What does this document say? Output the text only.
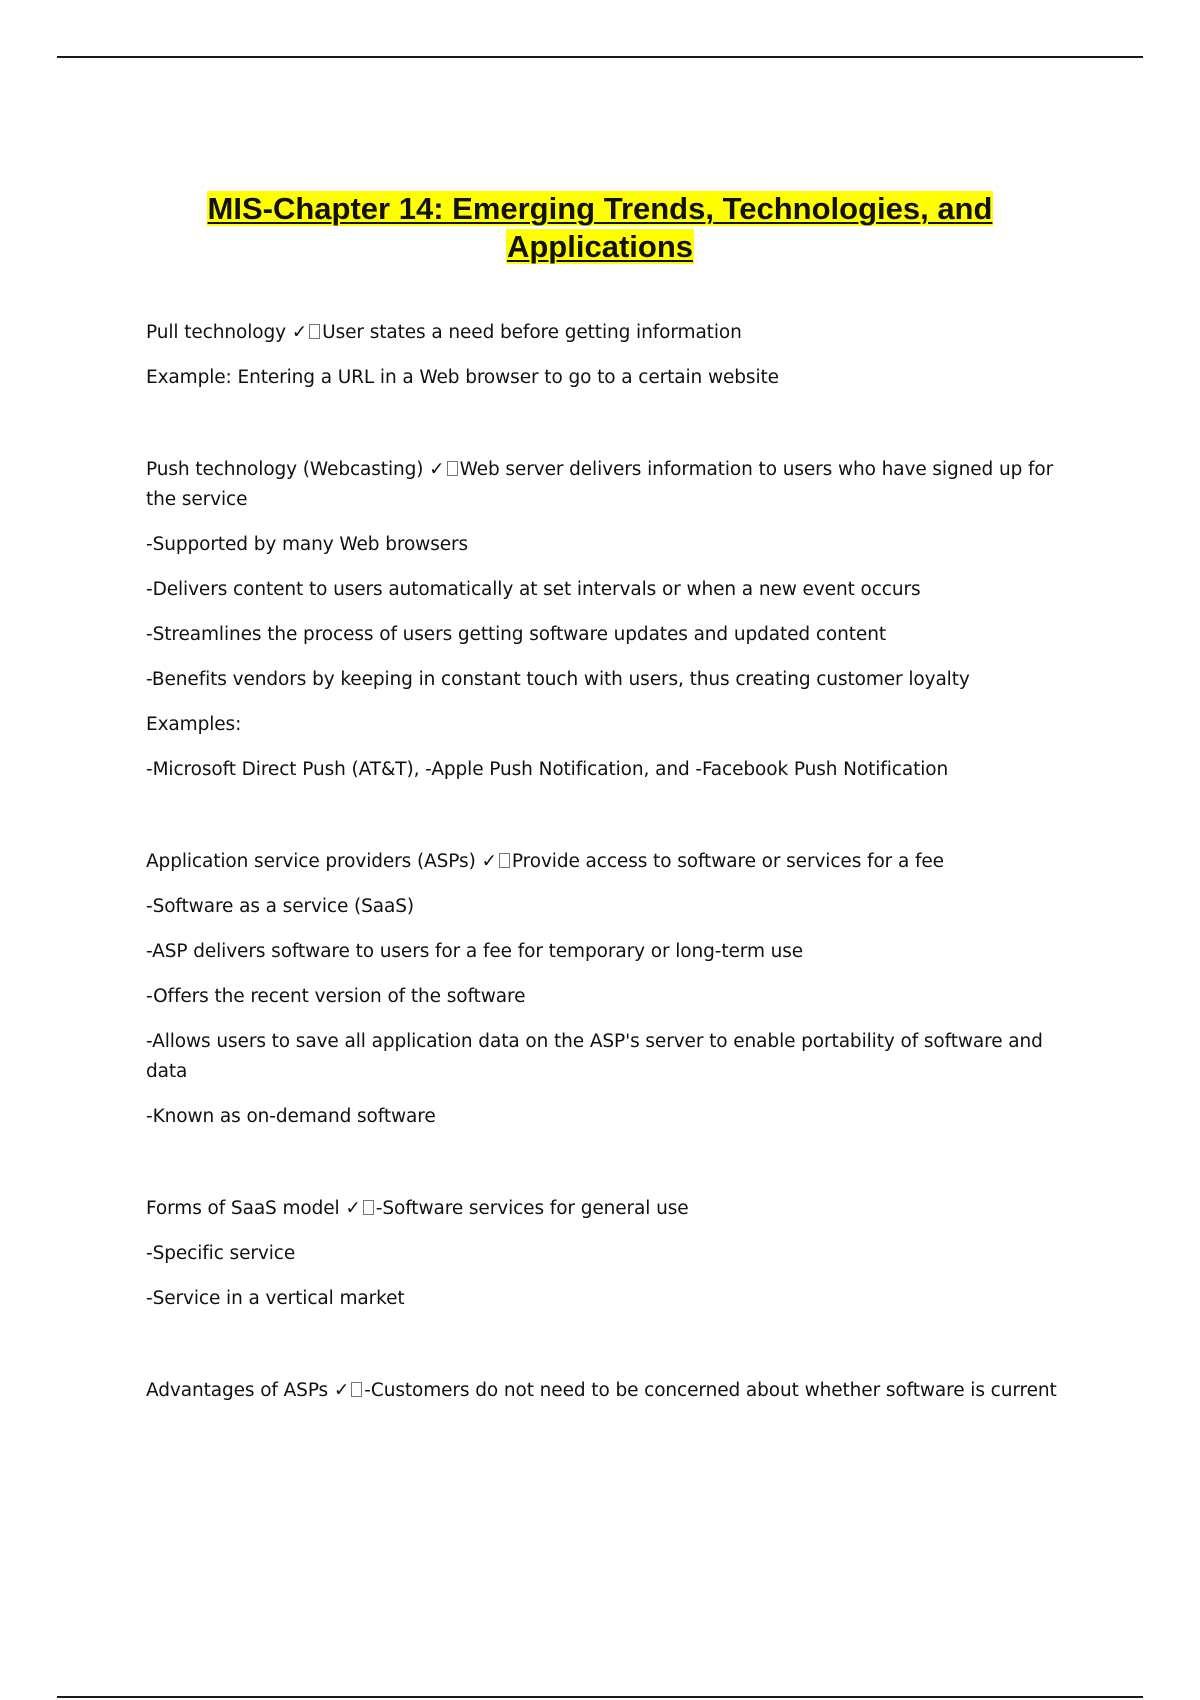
MIS-Chapter 14: Emerging Trends, Technologies, and Applications
Pull technology ✓ User states a need before getting information
Example: Entering a URL in a Web browser to go to a certain website
Push technology (Webcasting) ✓ Web server delivers information to users who have signed up for the service
-Supported by many Web browsers
-Delivers content to users automatically at set intervals or when a new event occurs
-Streamlines the process of users getting software updates and updated content
-Benefits vendors by keeping in constant touch with users, thus creating customer loyalty
Examples:
-Microsoft Direct Push (AT&T), -Apple Push Notification, and -Facebook Push Notification
Application service providers (ASPs) ✓ Provide access to software or services for a fee
-Software as a service (SaaS)
-ASP delivers software to users for a fee for temporary or long-term use
-Offers the recent version of the software
-Allows users to save all application data on the ASP's server to enable portability of software and data
-Known as on-demand software
Forms of SaaS model ✓ -Software services for general use
-Specific service
-Service in a vertical market
Advantages of ASPs ✓ -Customers do not need to be concerned about whether software is current
